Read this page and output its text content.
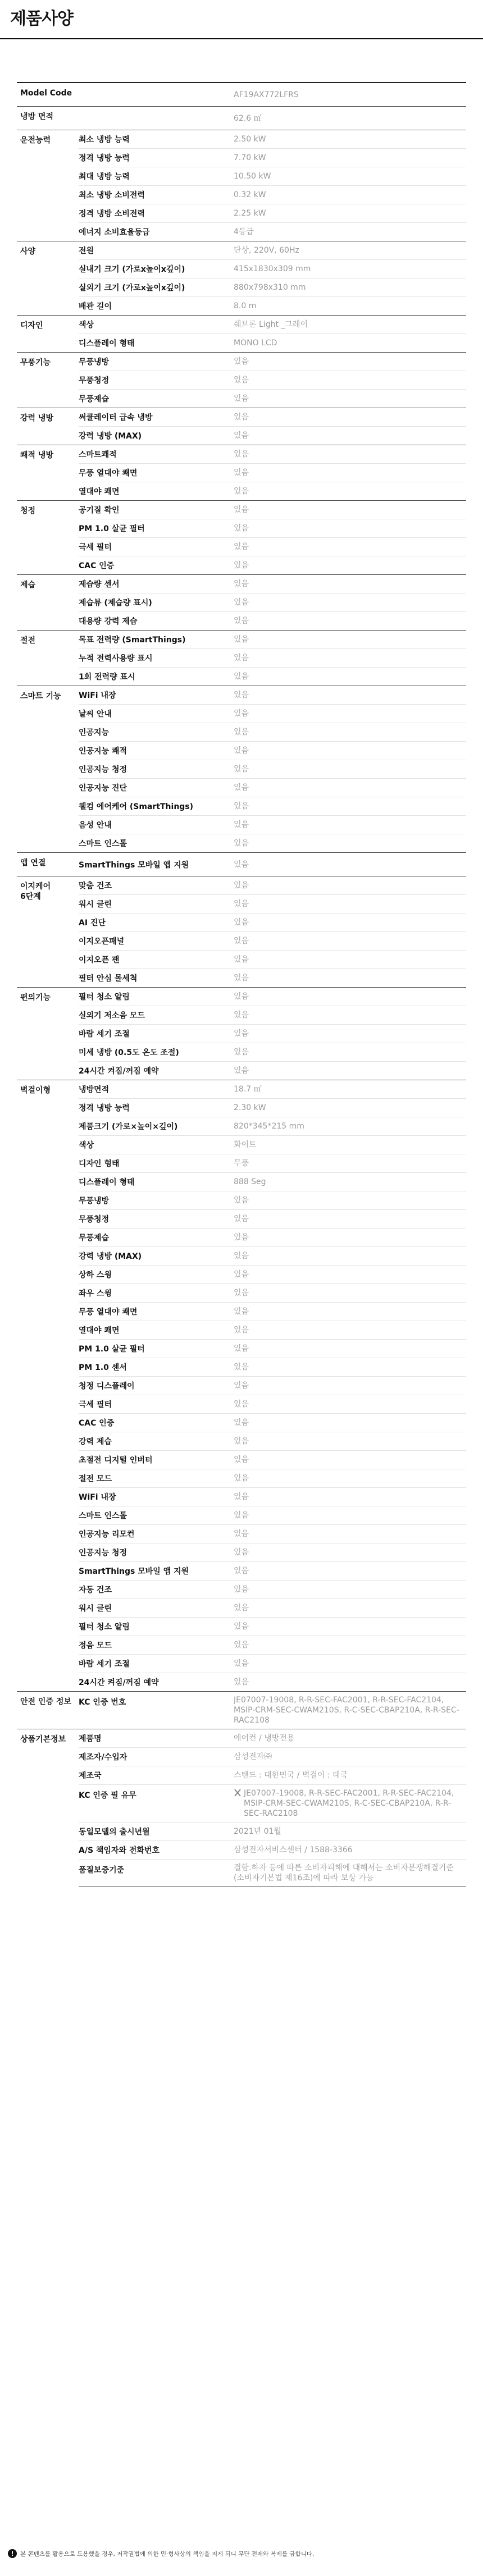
제품사양
Model Code		AF19AX772LFRS
냉방 면적		62.6 ㎡
운전능력	최소 냉방 능력	2.50 kW
	정격 냉방 능력	7.70 kW
	최대 냉방 능력	10.50 kW
	최소 냉방 소비전력	0.32 kW
	정격 냉방 소비전력	2.25 kW
	에너지 소비효율등급	4등급
사양	전원	단상, 220V, 60Hz
	실내기 크기 (가로x높이x깊이)	415x1830x309 mm
	실외기 크기 (가로x높이x깊이)	880x798x310 mm
	배관 길이	8.0 m
디자인	색상	쉐브론 Light _그레이
	디스플레이 형태	MONO LCD
무풍기능	무풍냉방	있음
	무풍청정	있음
	무풍제습	있음
강력 냉방	써큘레이터 급속 냉방	있음
	강력 냉방 (MAX)	있음
쾌적 냉방	스마트쾌적	있음
	무풍 열대야 쾌면	있음
	열대야 쾌면	있음
청정	공기질 확인	있음
	PM 1.0 살균 필터	있음
	극세 필터	있음
	CAC 인증	있음
제습	제습량 센서	있음
	제습뷰 (제습량 표시)	있음
	대용량 강력 제습	있음
절전	목표 전력량 (SmartThings)	있음
	누적 전력사용량 표시	있음
	1회 전력량 표시	있음
스마트 기능	WiFi 내장	있음
	날씨 안내	있음
	인공지능	있음
	인공지능 쾌적	있음
	인공지능 청정	있음
	인공지능 진단	있음
	웰컴 에어케어 (SmartThings)	있음
	음성 안내	있음
	스마트 인스톨	있음
앱 연결	SmartThings 모바일 앱 지원	있음
이지케어
6단계	맞춤 건조	있음
	워시 클린	있음
	AI 진단	있음
	이지오픈패널	있음
	이지오픈 팬	있음
	필터 안심 몰세척	있음
편의기능	필터 청소 알림	있음
	실외기 저소음 모드	있음
	바람 세기 조절	있음
	미세 냉방 (0.5도 온도 조절)	있음
	24시간 켜짐/꺼짐 예약	있음
벽걸이형	냉방면적	18.7 ㎡
	정격 냉방 능력	2.30 kW
	제품크기 (가로×높이×깊이)	820*345*215 mm
	색상	화이트
	디자인 형태	무풍
	디스플레이 형태	888 Seg
	무풍냉방	있음
	무풍청정	있음
	무풍제습	있음
	강력 냉방 (MAX)	있음
	상하 스윙	있음
	좌우 스윙	있음
	무풍 열대야 쾌면	있음
	열대야 쾌면	있음
	PM 1.0 살균 필터	있음
	PM 1.0 센서	있음
	청정 디스플레이	있음
	극세 필터	있음
	CAC 인증	있음
	강력 제습	있음
	초절전 디지털 인버터	있음
	절전 모드	있음
	WiFi 내장	있음
	스마트 인스톨	있음
	인공지능 리모컨	있음
	인공지능 청정	있음
	SmartThings 모바일 앱 지원	있음
	자동 건조	있음
	워시 클린	있음
	필터 청소 알림	있음
	정음 모드	있음
	바람 세기 조절	있음
	24시간 켜짐/꺼짐 예약	있음
안전 인증 정보	KC 인증 번호	JE07007-19008, R-R-SEC-FAC2001, R-R-SEC-FAC2104, MSIP-CRM-SEC-CWAM210S, R-C-SEC-CBAP210A, R-R-SEC-RAC2108
상품기본정보	제품명	에어컨 / 냉방전용
	제조자/수입자	삼성전자㈜
	제조국	스탠드 : 대한민국 / 벽걸이 : 태국
	KC 인증 필 유무	JE07007-19008, R-R-SEC-FAC2001, R-R-SEC-FAC2104, MSIP-CRM-SEC-CWAM210S, R-C-SEC-CBAP210A, R-R-SEC-RAC2108

	동일모델의 출시년월	2021년 01월
	A/S 책임자와 전화번호	삼성전자서비스센터 / 1588-3366
	품질보증기준	결함.하자 등에 따른 소비자피해에 대해서는 소비자분쟁해결기준(소비자기본법 제16조)에 따라 보상 가능
!	본 콘텐츠를 활용으로 도용했을 경우, 저작권법에 의한 민·형사상의 책임을 지게 되니 무단 전재와 복제를 금합니다.
